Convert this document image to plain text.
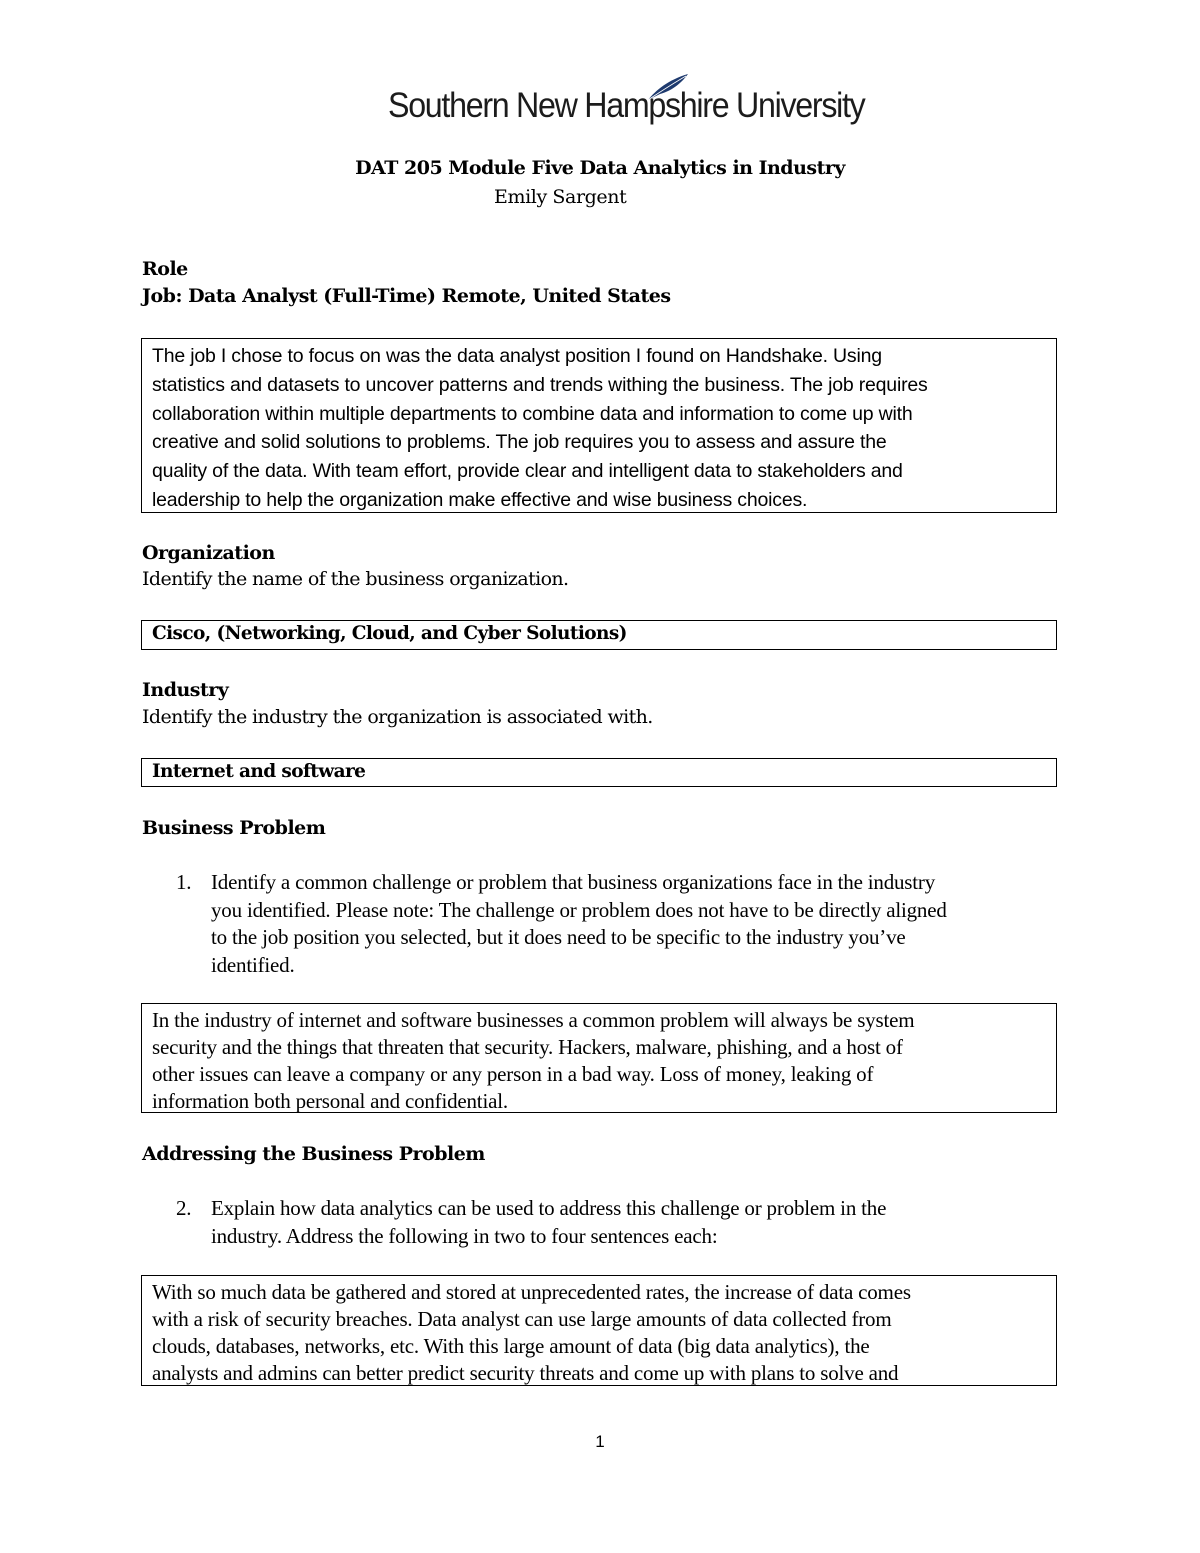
Southern New Hampshire University
DAT 205 Module Five Data Analytics in Industry
Emily Sargent
Role
Job: Data Analyst (Full-Time) Remote, United States
The job I chose to focus on was the data analyst position I found on Handshake. Using
statistics and datasets to uncover patterns and trends withing the business. The job requires
collaboration within multiple departments to combine data and information to come up with
creative and solid solutions to problems. The job requires you to assess and assure the
quality of the data. With team effort, provide clear and intelligent data to stakeholders and
leadership to help the organization make effective and wise business choices.
Organization
Identify the name of the business organization.
Cisco, (Networking, Cloud, and Cyber Solutions)
Industry
Identify the industry the organization is associated with.
Internet and software
Business Problem
1. Identify a common challenge or problem that business organizations face in the industry
you identified. Please note: The challenge or problem does not have to be directly aligned
to the job position you selected, but it does need to be specific to the industry you’ve
identified.
In the industry of internet and software businesses a common problem will always be system
security and the things that threaten that security. Hackers, malware, phishing, and a host of
other issues can leave a company or any person in a bad way. Loss of money, leaking of
information both personal and confidential.
Addressing the Business Problem
2. Explain how data analytics can be used to address this challenge or problem in the
industry. Address the following in two to four sentences each:
With so much data be gathered and stored at unprecedented rates, the increase of data comes
with a risk of security breaches. Data analyst can use large amounts of data collected from
clouds, databases, networks, etc. With this large amount of data (big data analytics), the
analysts and admins can better predict security threats and come up with plans to solve and
1
